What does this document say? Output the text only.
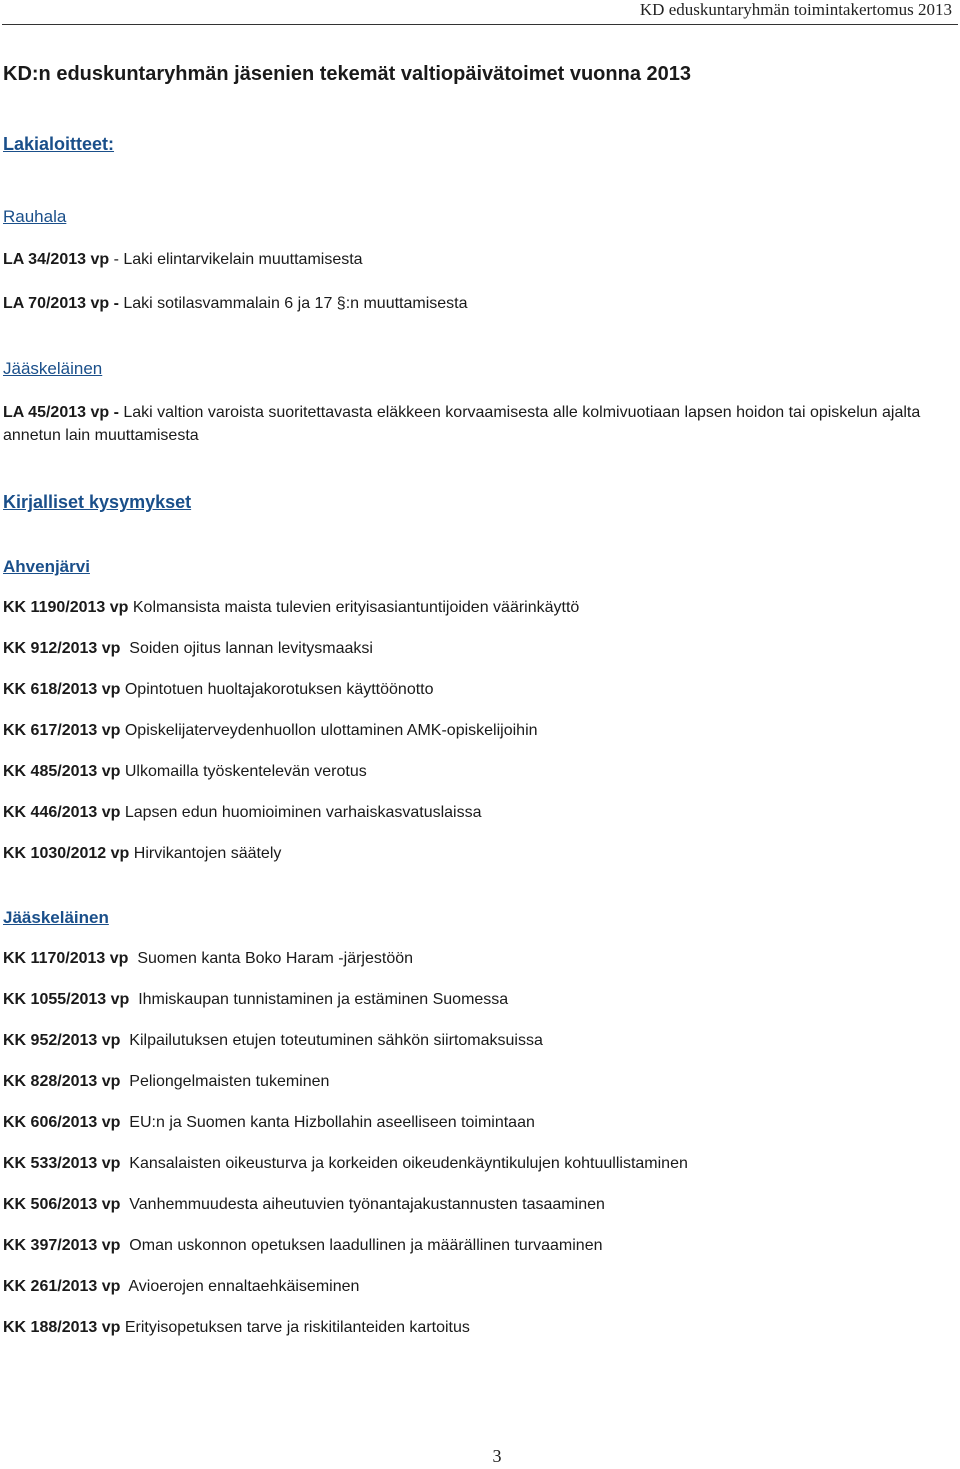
KD eduskuntaryhmän toimintakertomus 2013
KD:n eduskuntaryhmän jäsenien tekemät valtiopäivätoimet vuonna 2013
Lakialoitteet:
Rauhala
LA 34/2013 vp - Laki elintarvikelain muuttamisesta
LA 70/2013 vp - Laki sotilasvammalain 6 ja 17 §:n muuttamisesta
Jääskeläinen
LA 45/2013 vp - Laki valtion varoista suoritettavasta eläkkeen korvaamisesta alle kolmivuotiaan lapsen hoidon tai opiskelun ajalta annetun lain muuttamisesta
Kirjalliset kysymykset
Ahvenjärvi
KK 1190/2013 vp Kolmansista maista tulevien erityisasiantuntijoiden väärinkäyttö
KK 912/2013 vp  Soiden ojitus lannan levitysmaaksi
KK 618/2013 vp Opintotuen huoltajakorotuksen käyttöönotto
KK 617/2013 vp Opiskelijaterveydenhuollon ulottaminen AMK-opiskelijoihin
KK 485/2013 vp Ulkomailla työskentelevän verotus
KK 446/2013 vp Lapsen edun huomioiminen varhaiskasvatuslaissa
KK 1030/2012 vp Hirvikantojen säätely
Jääskeläinen
KK 1170/2013 vp  Suomen kanta Boko Haram -järjestöön
KK 1055/2013 vp  Ihmiskaupan tunnistaminen ja estäminen Suomessa
KK 952/2013 vp  Kilpailutuksen etujen toteutuminen sähkön siirtomaksuissa
KK 828/2013 vp  Peliongelmaisten tukeminen
KK 606/2013 vp  EU:n ja Suomen kanta Hizbollahin aseelliseen toimintaan
KK 533/2013 vp  Kansalaisten oikeusturva ja korkeiden oikeudenkäyntikulujen kohtuullistaminen
KK 506/2013 vp  Vanhemmuudesta aiheutuvien työnantajakustannusten tasaaminen
KK 397/2013 vp  Oman uskonnon opetuksen laadullinen ja määrällinen turvaaminen
KK 261/2013 vp  Avioerojen ennaltaehkäiseminen
KK 188/2013 vp Erityisopetuksen tarve ja riskitilanteiden kartoitus
3
